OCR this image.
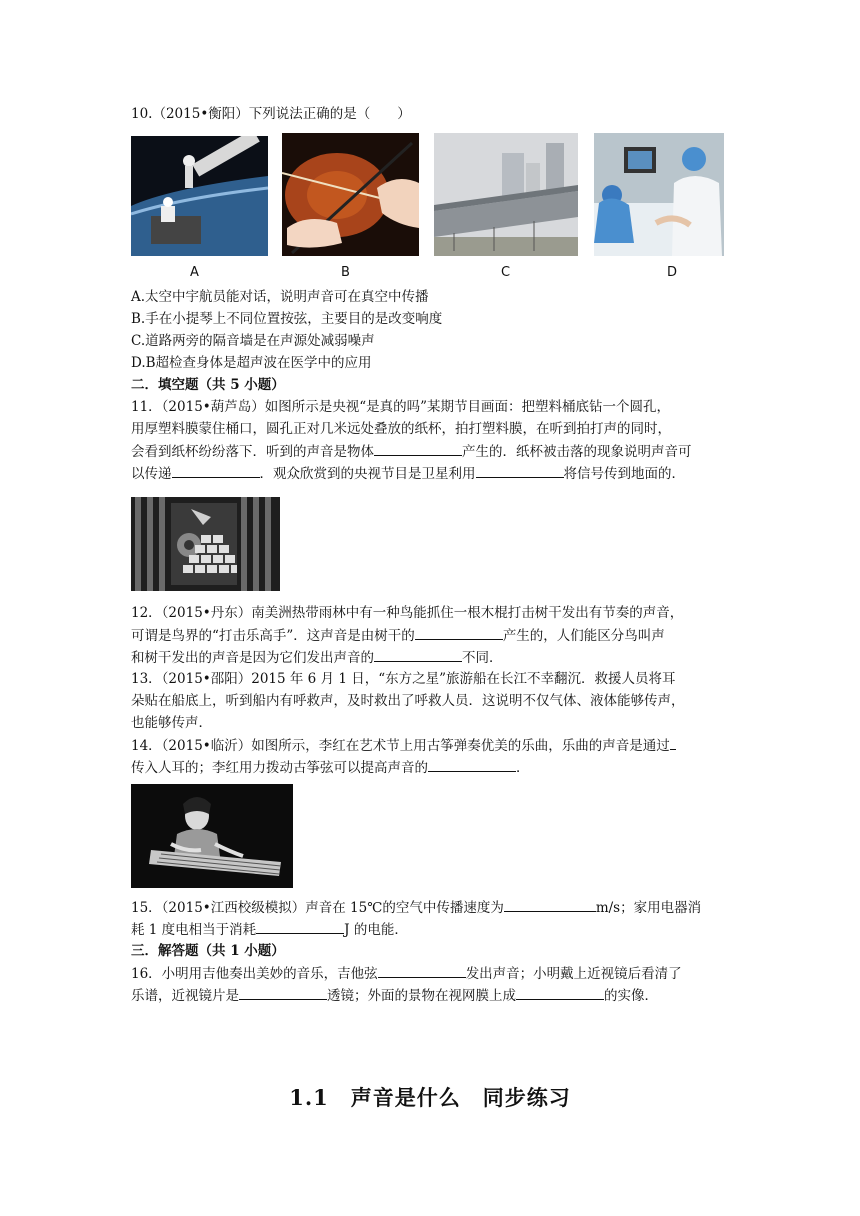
10.（2015•衡阳）下列说法正确的是（　　）
A	B	C	D
A.太空中宇航员能对话，说明声音可在真空中传播
B.手在小提琴上不同位置按弦，主要目的是改变响度
C.道路两旁的隔音墙是在声源处减弱噪声
D.B超检查身体是超声波在医学中的应用
二．填空题（共 5 小题）
11．（2015•葫芦岛）如图所示是央视“是真的吗”某期节目画面：把塑料桶底钻一个圆孔，
用厚塑料膜蒙住桶口，圆孔正对几米远处叠放的纸杯，拍打塑料膜，在听到拍打声的同时，
会看到纸杯纷纷落下．听到的声音是物体	产生的．纸杯被击落的现象说明声音可
以传递	．观众欣赏到的央视节目是卫星利用	将信号传到地面的．
12．（2015•丹东）南美洲热带雨林中有一种鸟能抓住一根木棍打击树干发出有节奏的声音，
可谓是鸟界的“打击乐高手”．这声音是由树干的	产生的，人们能区分鸟叫声
和树干发出的声音是因为它们发出声音的	不同．
13．（2015•邵阳）2015 年 6 月 1 日，“东方之星”旅游船在长江不幸翻沉．救援人员将耳
朵贴在船底上，听到船内有呼救声，及时救出了呼救人员．这说明不仅气体、液体能够传声，
也能够传声．
14．（2015•临沂）如图所示，李红在艺术节上用古筝弹奏优美的乐曲，乐曲的声音是通过
传入人耳的；李红用力拨动古筝弦可以提高声音的	．
15．（2015•江西校级模拟）声音在 15℃的空气中传播速度为	m/s；家用电器消
耗 1 度电相当于消耗	J 的电能．
三．解答题（共 1 小题）
16．小明用吉他奏出美妙的音乐，吉他弦	发出声音；小明戴上近视镜后看清了
乐谱，近视镜片是	透镜；外面的景物在视网膜上成	的实像．
1.1　声音是什么　同步练习
